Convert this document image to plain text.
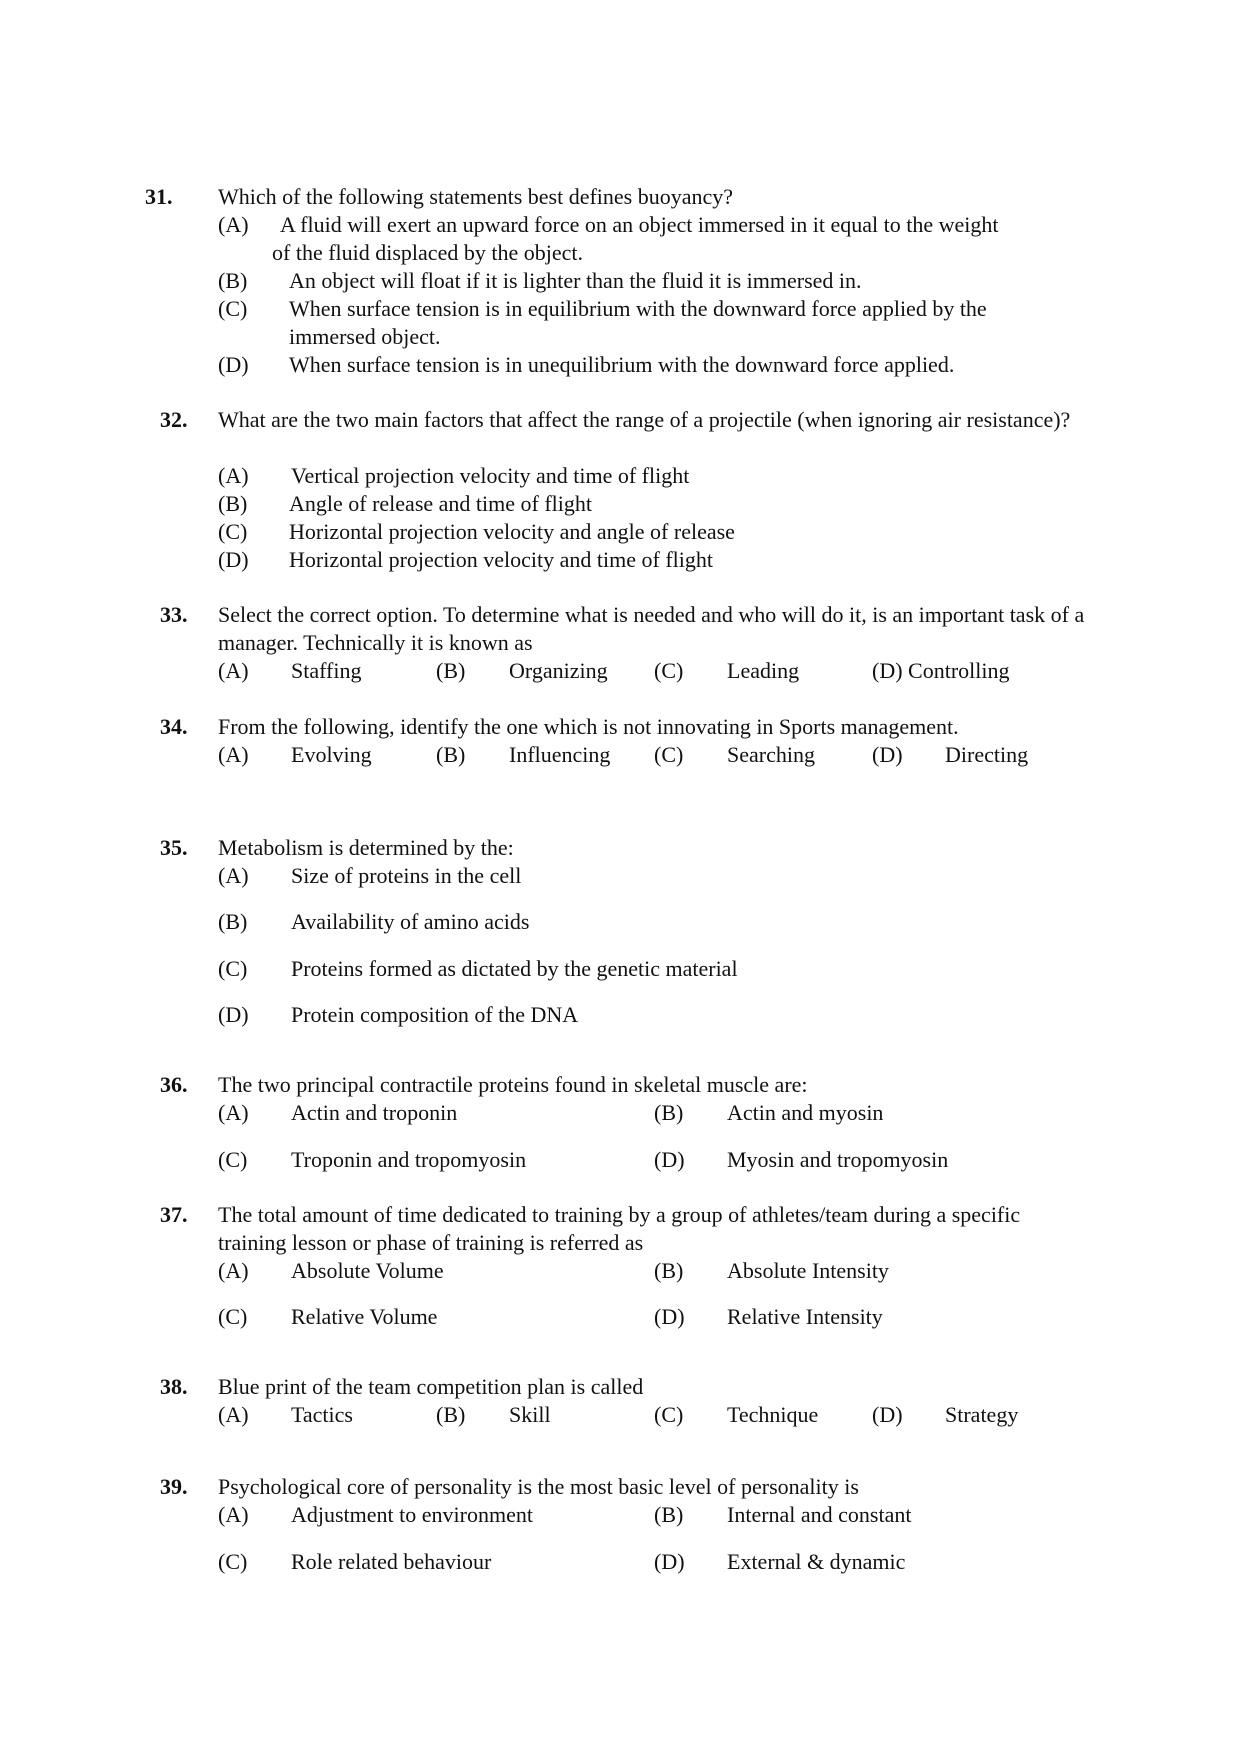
31. Which of the following statements best defines buoyancy?
(A) A fluid will exert an upward force on an object immersed in it equal to the weight
of the fluid displaced by the object.
(B) An object will float if it is lighter than the fluid it is immersed in.
(C) When surface tension is in equilibrium with the downward force applied by the
immersed object.
(D) When surface tension is in unequilibrium with the downward force applied.
32. What are the two main factors that affect the range of a projectile (when ignoring air resistance)?
(A) Vertical projection velocity and time of flight
(B) Angle of release and time of flight
(C) Horizontal projection velocity and angle of release
(D) Horizontal projection velocity and time of flight
33. Select the correct option. To determine what is needed and who will do it, is an important task of a manager. Technically it is known as
(A) Staffing	(B) Organizing (C) Leading	(D) Controlling
34. From the following, identify the one which is not innovating in Sports management.
(A) Evolving	(B) Influencing (C) Searching	(D) Directing
35. Metabolism is determined by the:
(A) Size of proteins in the cell
(B) Availability of amino acids
(C) Proteins formed as dictated by the genetic material
(D) Protein composition of the DNA
36. The two principal contractile proteins found in skeletal muscle are:
(A) Actin and troponin	(B) Actin and myosin
(C) Troponin and tropomyosin	(D) Myosin and tropomyosin
37. The total amount of time dedicated to training by a group of athletes/team during a specific training lesson or phase of training is referred as
(A) Absolute Volume	(B) Absolute Intensity
(C) Relative Volume	(D) Relative Intensity
38. Blue print of the team competition plan is called
(A) Tactics	(B) Skill	(C) Technique (D) Strategy
39. Psychological core of personality is the most basic level of personality is
(A) Adjustment to environment	(B) Internal and constant
(C) Role related behaviour	(D) External & dynamic
